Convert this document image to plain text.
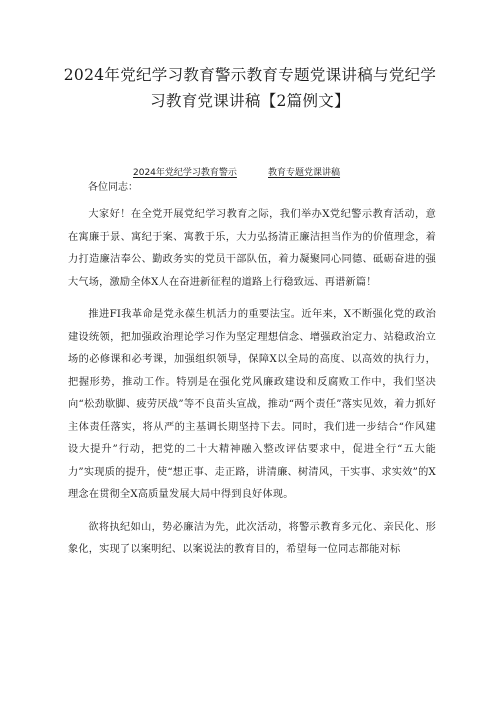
2024年党纪学习教育警示教育专题党课讲稿与党纪学习教育党课讲稿【2篇例文】
2024年党纪学习教育警示	教育专题党课讲稿

各位同志：

大家好！在全党开展党纪学习教育之际，我们举办X党纪警示教育活动，意在寓廉于景、寓纪于案、寓教于乐，大力弘扬清正廉洁担当作为的价值理念，着力打造廉洁奉公、勤政务实的党员干部队伍，着力凝聚同心同德、砥砺奋进的强大气场，激励全体X人在奋进新征程的道路上行稳致远、再谱新篇！

推进FI我革命是党永葆生机活力的重要法宝。近年来，X不断强化党的政治建设统领，把加强政治理论学习作为坚定理想信念、增强政治定力、站稳政治立场的必修课和必考课，加强组织领导，保障X以全局的高度、以高效的执行力，把握形势，推动工作。特别是在强化党风廉政建设和反腐败工作中，我们坚决向“松劲歇脚、疲劳厌战”等不良苗头宣战，推动“两个责任”落实见效，着力抓好主体责任落实，将从严的主基调长期坚持下去。同时，我们进一步结合“作风建设大提升”行动，把党的二十大精神融入整改评估要求中，促进全行“五大能力”实现质的提升，使“想正事、走正路，讲清廉、树清风，干实事、求实效”的X理念在贯彻全X高质量发展大局中得到良好体现。

欲将执纪如山，势必廉洁为先，此次活动，将警示教育多元化、亲民化、形象化，实现了以案明纪、以案说法的教育目的，希望每一位同志都能对标
